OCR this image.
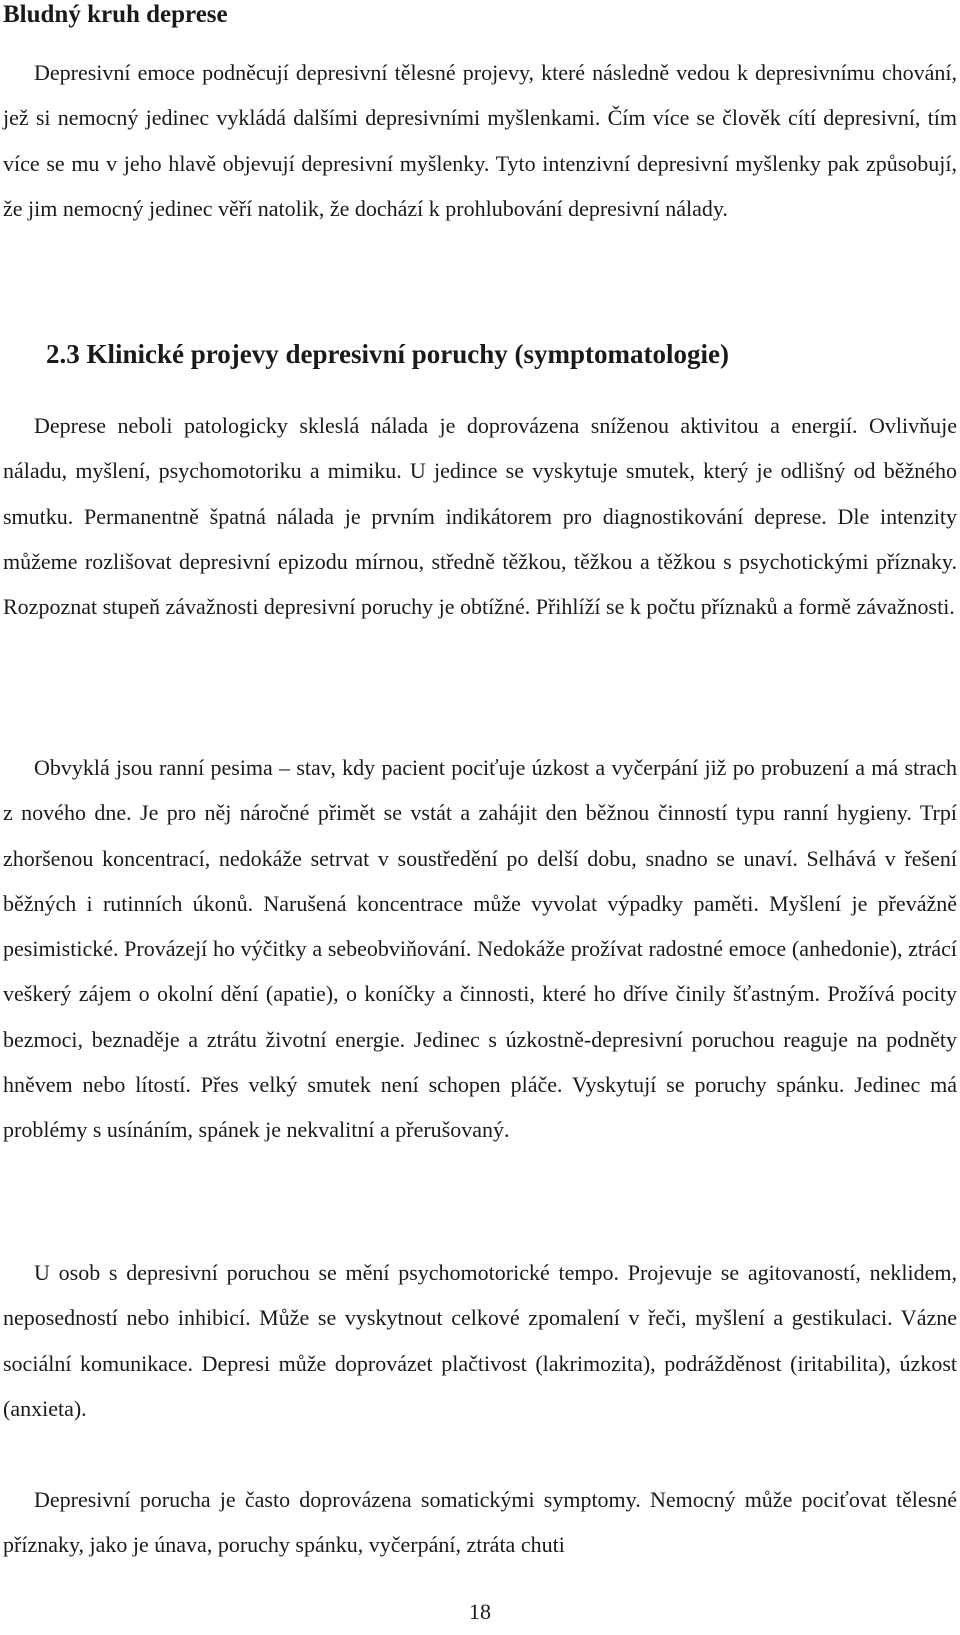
Bludný kruh deprese

Depresivní emoce podněcují depresivní tělesné projevy, které následně vedou k depresivnímu chování, jež si nemocný jedinec vykládá dalšími depresivními myšlenkami. Čím více se člověk cítí depresivní, tím více se mu v jeho hlavě objevují depresivní myšlenky. Tyto intenzivní depresivní myšlenky pak způsobují, že jim nemocný jedinec věří natolik, že dochází k prohlubování depresivní nálady.

2.3 Klinické projevy depresivní poruchy (symptomatologie)

Deprese neboli patologicky skleslá nálada je doprovázena sníženou aktivitou a energií. Ovlivňuje náladu, myšlení, psychomotoriku a mimiku. U jedince se vyskytuje smutek, který je odlišný od běžného smutku. Permanentně špatná nálada je prvním indikátorem pro diagnostikování deprese. Dle intenzity můžeme rozlišovat depresivní epizodu mírnou, středně těžkou, těžkou a těžkou s psychotickými příznaky. Rozpoznat stupeň závažnosti depresivní poruchy je obtížné. Přihlíží se k počtu příznaků a formě závažnosti.

Obvyklá jsou ranní pesima – stav, kdy pacient pociťuje úzkost a vyčerpání již po probuzení a má strach z nového dne. Je pro něj náročné přimět se vstát a zahájit den běžnou činností typu ranní hygieny. Trpí zhoršenou koncentrací, nedokáže setrvat v soustředění po delší dobu, snadno se unaví. Selhává v řešení běžných i rutinních úkonů. Narušená koncentrace může vyvolat výpadky paměti. Myšlení je převážně pesimistické. Provázejí ho výčitky a sebeobviňování. Nedokáže prožívat radostné emoce (anhedonie), ztrácí veškerý zájem o okolní dění (apatie), o koníčky a činnosti, které ho dříve činily šťastným. Prožívá pocity bezmoci, beznaděje a ztrátu životní energie. Jedinec s úzkostně-depresivní poruchou reaguje na podněty hněvem nebo lítostí. Přes velký smutek není schopen pláče. Vyskytují se poruchy spánku. Jedinec má problémy s usínáním, spánek je nekvalitní a přerušovaný.

U osob s depresivní poruchou se mění psychomotorické tempo. Projevuje se agitovaností, neklidem, neposedností nebo inhibicí. Může se vyskytnout celkové zpomalení v řeči, myšlení a gestikulaci. Vázne sociální komunikace. Depresi může doprovázet plačtivost (lakrimozita), podrážděnost (iritabilita), úzkost (anxieta).

Depresivní porucha je často doprovázena somatickými symptomy. Nemocný může pociťovat tělesné příznaky, jako je únava, poruchy spánku, vyčerpání, ztráta chuti

18
